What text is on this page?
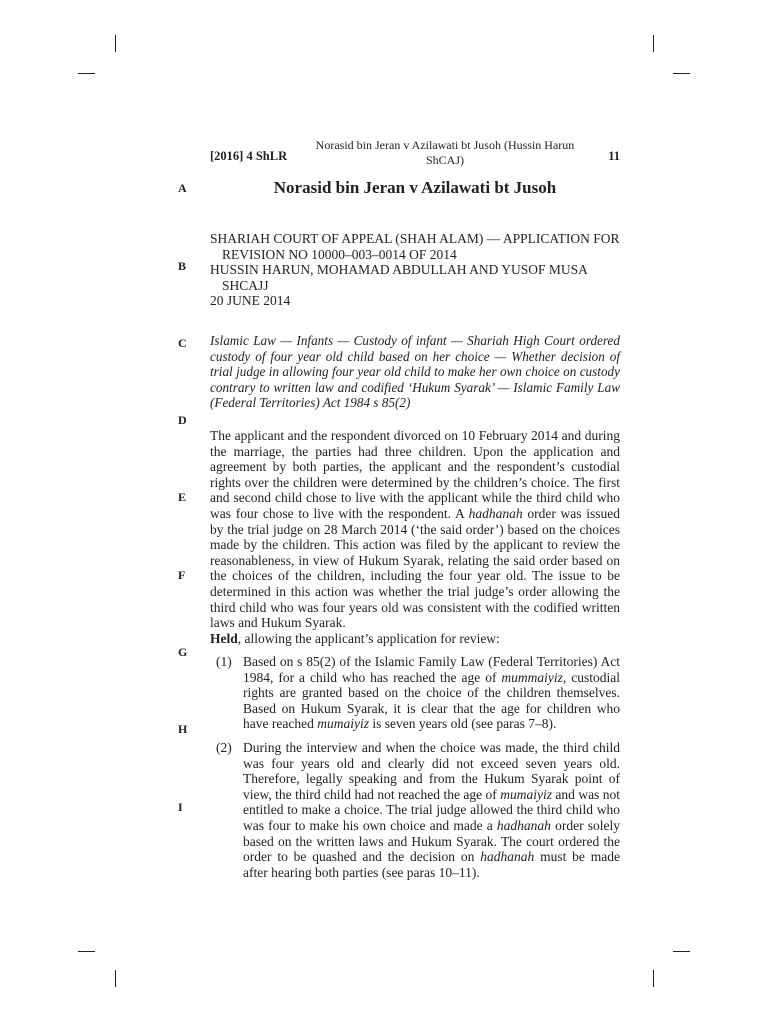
[2016] 4 ShLR
Norasid bin Jeran v Azilawati bt Jusoh (Hussin Harun ShCAJ)	11
A
B
C
D
E
F
G
H
I
Norasid bin Jeran v Azilawati bt Jusoh
SHARIAH COURT OF APPEAL (SHAH ALAM) — APPLICATION FOR
REVISION NO 10000–003–0014 OF 2014
HUSSIN HARUN, MOHAMAD ABDULLAH AND YUSOF MUSA
SHCAJJ
20 JUNE 2014
Islamic Law — Infants — Custody of infant — Shariah High Court ordered custody of four year old child based on her choice — Whether decision of trial judge in allowing four year old child to make her own choice on custody contrary to written law and codified ‘Hukum Syarak’ — Islamic Family Law (Federal Territories) Act 1984 s 85(2)
The applicant and the respondent divorced on 10 February 2014 and during the marriage, the parties had three children. Upon the application and agreement by both parties, the applicant and the respondent’s custodial rights over the children were determined by the children’s choice. The first and second child chose to live with the applicant while the third child who was four chose to live with the respondent. A hadhanah order was issued by the trial judge on 28 March 2014 (‘the said order’) based on the choices made by the children. This action was filed by the applicant to review the reasonableness, in view of Hukum Syarak, relating the said order based on the choices of the children, including the four year old. The issue to be determined in this action was whether the trial judge’s order allowing the third child who was four years old was consistent with the codified written laws and Hukum Syarak.
Held, allowing the applicant’s application for review:
(1) Based on s 85(2) of the Islamic Family Law (Federal Territories) Act 1984, for a child who has reached the age of mummaiyiz, custodial rights are granted based on the choice of the children themselves. Based on Hukum Syarak, it is clear that the age for children who have reached mumaiyiz is seven years old (see paras 7–8).
(2) During the interview and when the choice was made, the third child was four years old and clearly did not exceed seven years old. Therefore, legally speaking and from the Hukum Syarak point of view, the third child had not reached the age of mumaiyiz and was not entitled to make a choice. The trial judge allowed the third child who was four to make his own choice and made a hadhanah order solely based on the written laws and Hukum Syarak. The court ordered the order to be quashed and the decision on hadhanah must be made after hearing both parties (see paras 10–11).
